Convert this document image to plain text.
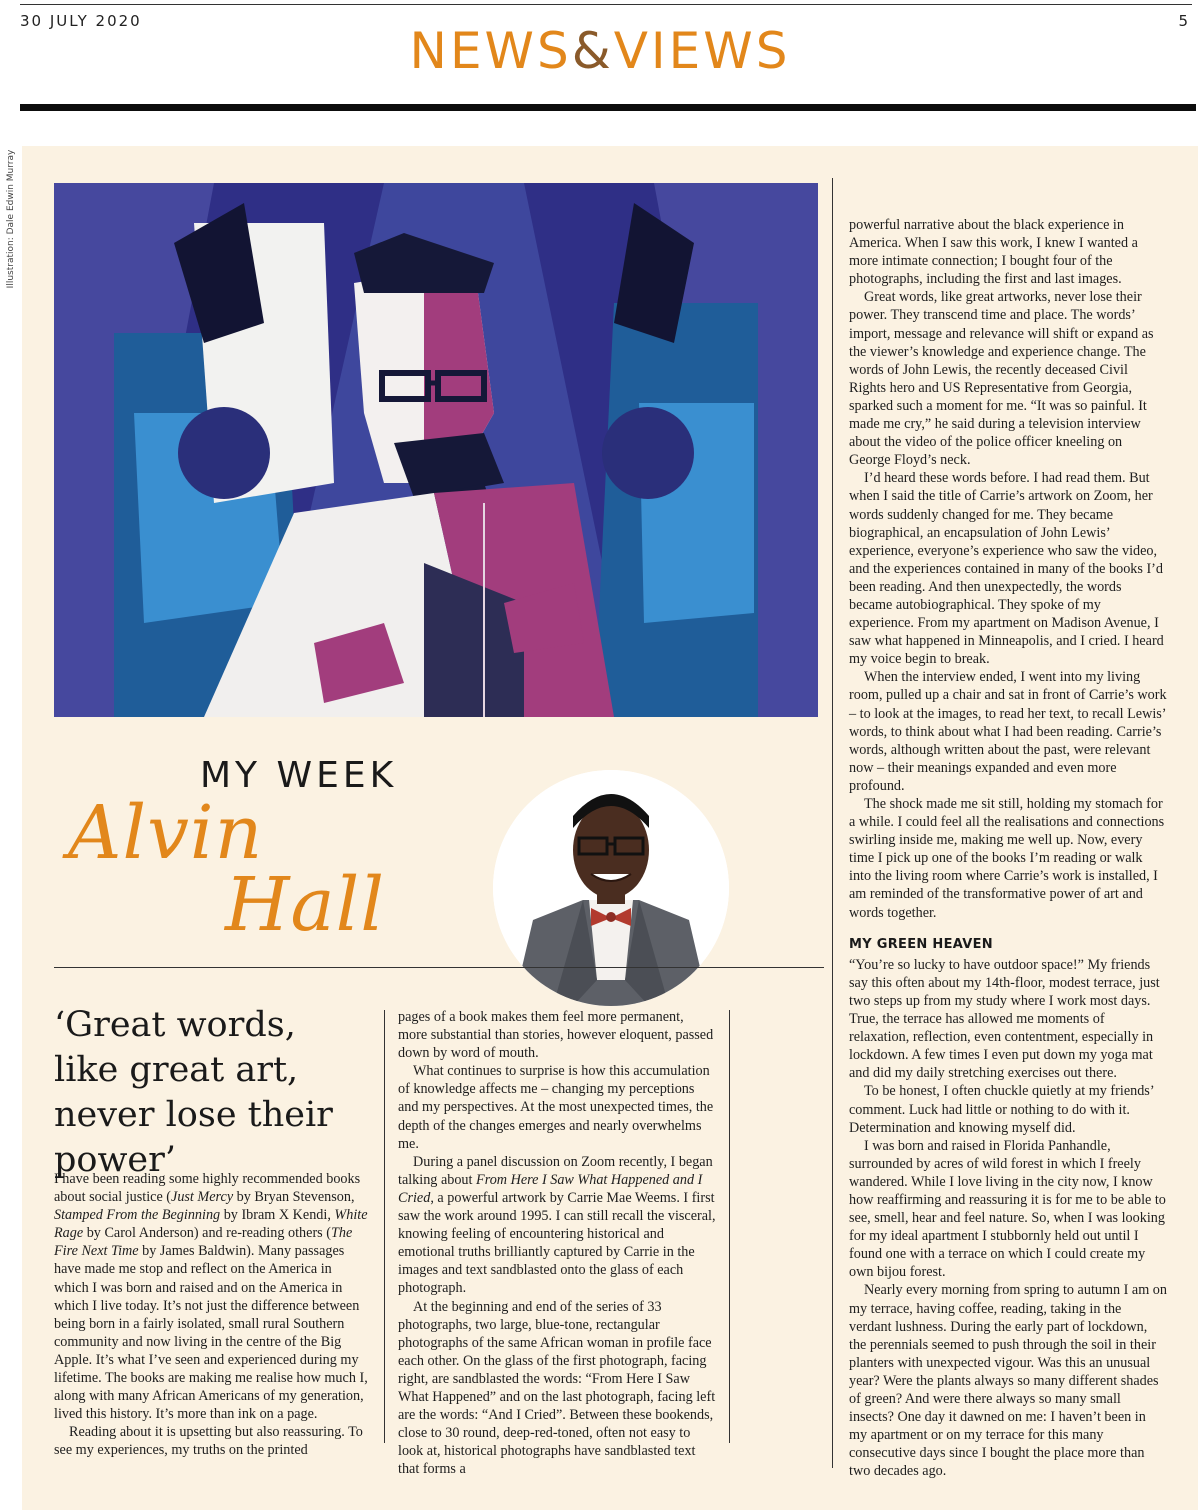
30 JULY 2020	5
NEWS&VIEWS
Illustration: Dale Edwin Murray
MY WEEK
Alvin
Hall
‘Great words, like great art, never lose their power’

I have been reading some highly recommended books about social justice (Just Mercy by Bryan Stevenson, Stamped From the Beginning by Ibram X Kendi, White Rage by Carol Anderson) and re-reading others (The Fire Next Time by James Baldwin). Many passages have made me stop and reflect on the America in which I was born and raised and on the America in which I live today. It’s not just the difference between being born in a fairly isolated, small rural Southern community and now living in the centre of the Big Apple. It’s what I’ve seen and experienced during my lifetime. The books are making me realise how much I, along with many African Americans of my generation, lived this history. It’s more than ink on a page.

Reading about it is upsetting but also reassuring. To see my experiences, my truths on the printed

pages of a book makes them feel more permanent, more substantial than stories, however eloquent, passed down by word of mouth.

What continues to surprise is how this accumulation of knowledge affects me – changing my perceptions and my perspectives. At the most unexpected times, the depth of the changes emerges and nearly overwhelms me.

During a panel discussion on Zoom recently, I began talking about From Here I Saw What Happened and I Cried, a powerful artwork by Carrie Mae Weems. I first saw the work around 1995. I can still recall the visceral, knowing feeling of encountering historical and emotional truths brilliantly captured by Carrie in the images and text sandblasted onto the glass of each photograph.

At the beginning and end of the series of 33 photographs, two large, blue-tone, rectangular photographs of the same African woman in profile face each other. On the glass of the first photograph, facing right, are sandblasted the words: “From Here I Saw What Happened” and on the last photograph, facing left are the words: “And I Cried”. Between these bookends, close to 30 round, deep-red-toned, often not easy to look at, historical photographs have sandblasted text that forms a

powerful narrative about the black experience in America. When I saw this work, I knew I wanted a more intimate connection; I bought four of the photographs, including the first and last images.

Great words, like great artworks, never lose their power. They transcend time and place. The words’ import, message and relevance will shift or expand as the viewer’s knowledge and experience change. The words of John Lewis, the recently deceased Civil Rights hero and US Representative from Georgia, sparked such a moment for me. “It was so painful. It made me cry,” he said during a television interview about the video of the police officer kneeling on George Floyd’s neck.

I’d heard these words before. I had read them. But when I said the title of Carrie’s artwork on Zoom, her words suddenly changed for me. They became biographical, an encapsulation of John Lewis’ experience, everyone’s experience who saw the video, and the experiences contained in many of the books I’d been reading. And then unexpectedly, the words became autobiographical. They spoke of my experience. From my apartment on Madison Avenue, I saw what happened in Minneapolis, and I cried. I heard my voice begin to break.

When the interview ended, I went into my living room, pulled up a chair and sat in front of Carrie’s work – to look at the images, to read her text, to recall Lewis’ words, to think about what I had been reading. Carrie’s words, although written about the past, were relevant now – their meanings expanded and even more profound.

The shock made me sit still, holding my stomach for a while. I could feel all the realisations and connections swirling inside me, making me well up. Now, every time I pick up one of the books I’m reading or walk into the living room where Carrie’s work is installed, I am reminded of the transformative power of art and words together.

MY GREEN HEAVEN

“You’re so lucky to have outdoor space!” My friends say this often about my 14th-floor, modest terrace, just two steps up from my study where I work most days. True, the terrace has allowed me moments of relaxation, reflection, even contentment, especially in lockdown. A few times I even put down my yoga mat and did my daily stretching exercises out there.

To be honest, I often chuckle quietly at my friends’ comment. Luck had little or nothing to do with it. Determination and knowing myself did.

I was born and raised in Florida Panhandle, surrounded by acres of wild forest in which I freely wandered. While I love living in the city now, I know how reaffirming and reassuring it is for me to be able to see, smell, hear and feel nature. So, when I was looking for my ideal apartment I stubbornly held out until I found one with a terrace on which I could create my own bijou forest.

Nearly every morning from spring to autumn I am on my terrace, having coffee, reading, taking in the verdant lushness. During the early part of lockdown, the perennials seemed to push through the soil in their planters with unexpected vigour. Was this an unusual year? Were the plants always so many different shades of green? And were there always so many small insects? One day it dawned on me: I haven’t been in my apartment or on my terrace for this many consecutive days since I bought the place more than two decades ago.
